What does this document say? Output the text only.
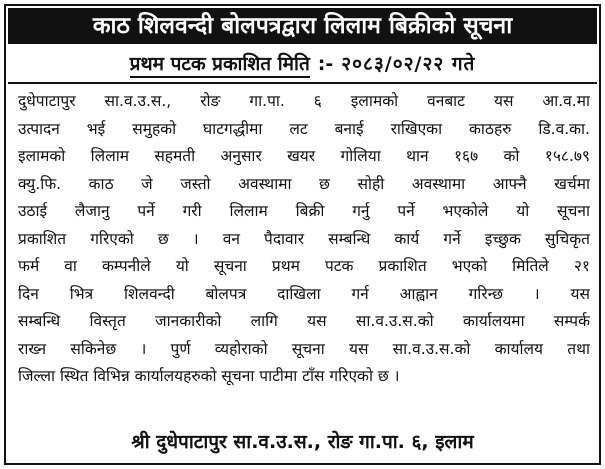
काठ शिलवन्दी बोलपत्रद्वारा लिलाम बिक्रीको सूचना
प्रथम पटक प्रकाशित मिति :- २०८३/०२/२२ गते
दुधेपाटापुर सा.व.उ.स., रोङ गा.पा. ६ इलामको वनबाट यस आ.व.मा
उत्पादन भई समुहको घाटगद्धीमा लट बनाई राखिएका काठहरु डि.व.का.
इलामको लिलाम सहमती अनुसार खयर गोलिया थान १६७ को १५८.७९
क्यु.फि. काठ जे जस्तो अवस्थामा छ सोही अवस्थामा आफ्नै खर्चमा
उठाई लैजानु पर्ने गरी लिलाम बिक्री गर्नु पर्ने भएकोले यो सूचना
प्रकाशित गरिएको छ । वन पैदावार सम्बन्धि कार्य गर्ने इच्छुक सुचिकृत
फर्म वा कम्पनीले यो सूचना प्रथम पटक प्रकाशित भएको मितिले २१
दिन भित्र शिलवन्दी बोलपत्र दाखिला गर्न आह्वान गरिन्छ । यस
सम्बन्धि विस्तृत जानकारीको लागि यस सा.व.उ.स.को कार्यालयमा सम्पर्क
राख्न सकिनेछ । पुर्ण व्यहोराको सूचना यस सा.व.उ.स.को कार्यालय तथा
जिल्ला स्थित विभिन्न कार्यालयहरुको सूचना पाटीमा टाँस गरिएको छ ।
श्री दुधेपाटापुर सा.व.उ.स., रोङ गा.पा. ६, इलाम
